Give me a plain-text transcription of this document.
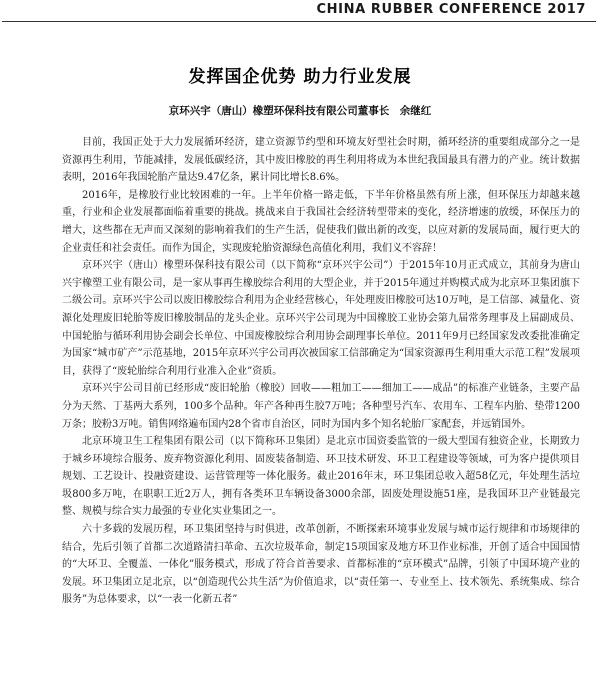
CHINA RUBBER CONFERENCE 2017
发挥国企优势 助力行业发展
京环兴宇（唐山）橡塑环保科技有限公司董事长　余继红

目前，我国正处于大力发展循环经济，建立资源节约型和环境友好型社会时期，循环经济的重要组成部分之一是资源再生利用，节能减排，发展低碳经济，其中废旧橡胶的再生利用将成为本世纪我国最具有潜力的产业。统计数据表明，2016年我国轮胎产量达9.47亿条，累计同比增长8.6%。

2016年，是橡胶行业比较困难的一年。上半年价格一路走低，下半年价格虽然有所上涨，但环保压力却越来越重，行业和企业发展都面临着重要的挑战。挑战来自于我国社会经济转型带来的变化，经济增速的放缓，环保压力的增大，这些都在无声而又深刻的影响着我们的生产生活，促使我们做出新的改变，以应对新的发展局面，履行更大的企业责任和社会责任。而作为国企，实现废轮胎资源绿色高值化利用，我们义不容辞！

京环兴宇（唐山）橡塑环保科技有限公司（以下简称“京环兴宇公司”）于2015年10月正式成立，其前身为唐山兴宇橡塑工业有限公司，是一家从事再生橡胶综合利用的大型企业，并于2015年通过并购模式成为北京环卫集团旗下二级公司。京环兴宇公司以废旧橡胶综合利用为企业经营核心，年处理废旧橡胶可达10万吨，是工信部、减量化、资源化处理废旧轮胎等废旧橡胶制品的龙头企业。京环兴宇公司现为中国橡胶工业协会第九届常务理事及上届副成员、中国轮胎与循环利用协会副会长单位、中国废橡胶综合利用协会副理事长单位。2011年9月已经国家发改委批准确定为国家“城市矿产”示范基地，2015年京环兴宇公司再次被国家工信部确定为“国家资源再生利用重大示范工程”发展项目，获得了“废轮胎综合利用行业准入企业”资质。

京环兴宇公司目前已经形成“废旧轮胎（橡胶）回收——粗加工——细加工——成品”的标准产业链条，主要产品分为天然、丁基两大系列，100多个品种。年产各种再生胶7万吨；各种型号汽车、农用车、工程车内胎、垫带1200万条；胶粉3万吨。销售网络遍布国内28个省市自治区，同时为国内多个知名轮胎厂家配套，并远销国外。

北京环境卫生工程集团有限公司（以下简称环卫集团）是北京市国资委监管的一级大型国有独资企业，长期致力于城乡环境综合服务、废弃物资源化利用、固废装备制造、环卫技术研发、环卫工程建设等领域，可为客户提供项目规划、工艺设计、投融资建设、运营管理等一体化服务。截止2016年末，环卫集团总收入超58亿元，年处理生活垃圾800多万吨，在职职工近2万人，拥有各类环卫车辆设备3000余部，固废处理设施51座，是我国环卫产业链最完整、规模与综合实力最强的专业化实业集团之一。

六十多载的发展历程，环卫集团坚持与时俱进，改革创新，不断探索环境事业发展与城市运行规律和市场规律的结合，先后引领了首都二次道路清扫革命、五次垃圾革命，制定15项国家及地方环卫作业标准，开创了适合中国国情的“大环卫、全覆盖、一体化”服务模式，形成了符合首善要求、首都标准的“京环模式”品牌，引领了中国环境产业的发展。环卫集团立足北京，以“创造现代公共生活”为价值追求，以“责任第一、专业至上、技术领先、系统集成、综合服务”为总体要求，以“一表一化新五者”
